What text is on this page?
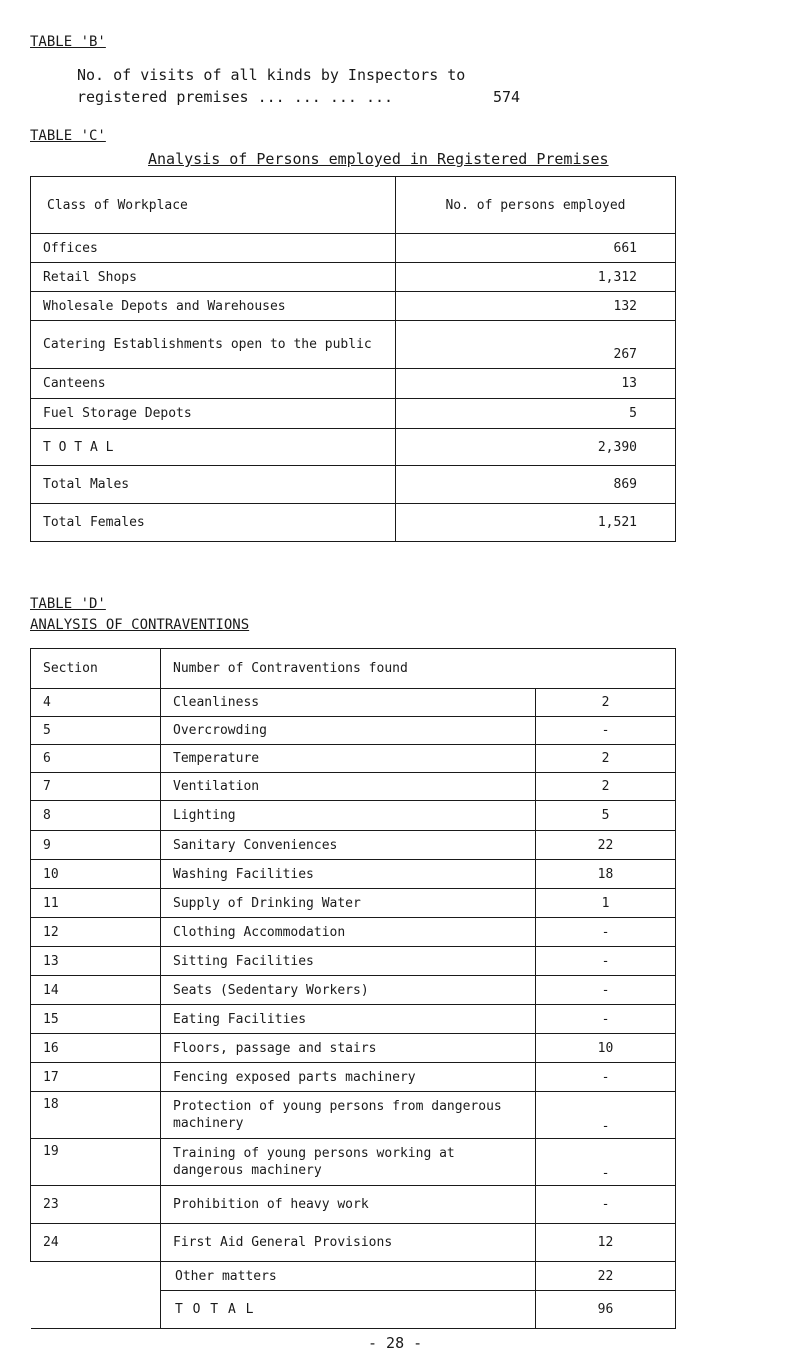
TABLE 'B'
No. of visits of all kinds by Inspectors to
registered premises ... ... ... ...	574
TABLE 'C'
Analysis of Persons employed in Registered Premises
Class of Workplace	No. of persons employed
Offices	661
Retail Shops	1,312
Wholesale Depots and Warehouses	132
Catering Establishments open to the public	267
Canteens	13
Fuel Storage Depots	5
T O T A L	2,390
Total Males	869
Total Females	1,521
TABLE 'D'
ANALYSIS OF CONTRAVENTIONS
Section	Number of Contraventions found	
4	Cleanliness	2
5	Overcrowding	-
6	Temperature	2
7	Ventilation	2
8	Lighting	5
9	Sanitary Conveniences	22
10	Washing Facilities	18
11	Supply of Drinking Water	1
12	Clothing Accommodation	-
13	Sitting Facilities	-
14	Seats (Sedentary Workers)	-
15	Eating Facilities	-
16	Floors, passage and stairs	10
17	Fencing exposed parts machinery	-
18	Protection of young persons from dangerous machinery	-
19	Training of young persons working at dangerous machinery	-
23	Prohibition of heavy work	-
24	First Aid General Provisions	12
	Other matters	22
	T O T A L	96
- 28 -
